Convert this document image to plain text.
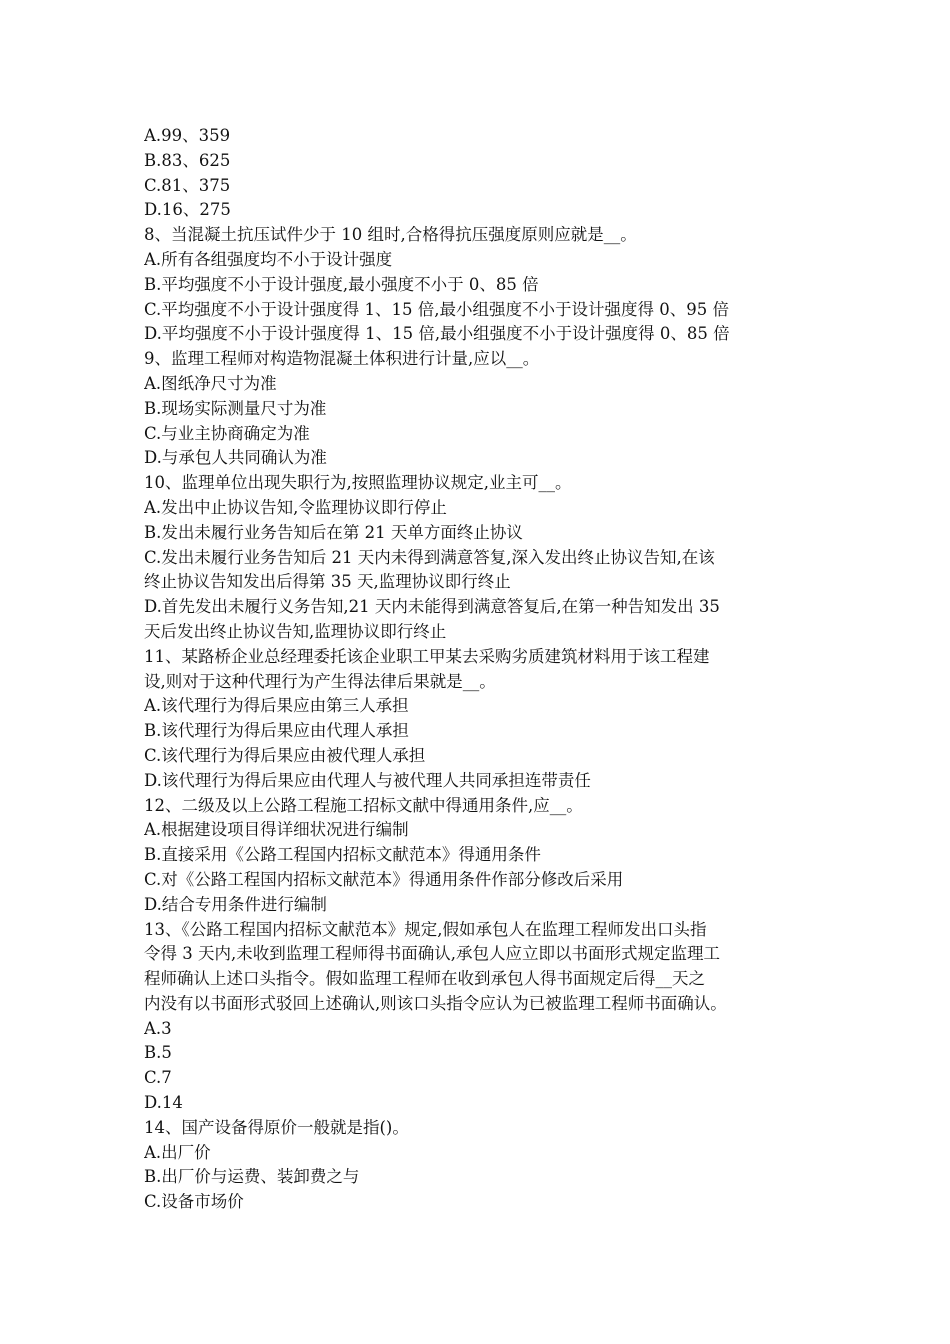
A.99、359
B.83、625
C.81、375
D.16、275
8、当混凝土抗压试件少于 10 组时,合格得抗压强度原则应就是__。
A.所有各组强度均不小于设计强度
B.平均强度不小于设计强度,最小强度不小于 0、85 倍
C.平均强度不小于设计强度得 1、15 倍,最小组强度不小于设计强度得 0、95 倍
D.平均强度不小于设计强度得 1、15 倍,最小组强度不小于设计强度得 0、85 倍
9、监理工程师对构造物混凝土体积进行计量,应以__。
A.图纸净尺寸为准
B.现场实际测量尺寸为准
C.与业主协商确定为准
D.与承包人共同确认为准
10、监理单位出现失职行为,按照监理协议规定,业主可__。
A.发出中止协议告知,令监理协议即行停止
B.发出未履行业务告知后在第 21 天单方面终止协议
C.发出未履行业务告知后 21 天内未得到满意答复,深入发出终止协议告知,在该
终止协议告知发出后得第 35 天,监理协议即行终止
D.首先发出未履行义务告知,21 天内未能得到满意答复后,在第一种告知发出 35
天后发出终止协议告知,监理协议即行终止
11、某路桥企业总经理委托该企业职工甲某去采购劣质建筑材料用于该工程建
设,则对于这种代理行为产生得法律后果就是__。
A.该代理行为得后果应由第三人承担
B.该代理行为得后果应由代理人承担
C.该代理行为得后果应由被代理人承担
D.该代理行为得后果应由代理人与被代理人共同承担连带责任
12、二级及以上公路工程施工招标文献中得通用条件,应__。
A.根据建设项目得详细状况进行编制
B.直接采用《公路工程国内招标文献范本》得通用条件
C.对《公路工程国内招标文献范本》得通用条件作部分修改后采用
D.结合专用条件进行编制
13、《公路工程国内招标文献范本》规定,假如承包人在监理工程师发出口头指
令得 3 天内,未收到监理工程师得书面确认,承包人应立即以书面形式规定监理工
程师确认上述口头指令。假如监理工程师在收到承包人得书面规定后得__天之
内没有以书面形式驳回上述确认,则该口头指令应认为已被监理工程师书面确认。
A.3
B.5
C.7
D.14
14、国产设备得原价一般就是指()。
A.出厂价
B.出厂价与运费、装卸费之与
C.设备市场价
